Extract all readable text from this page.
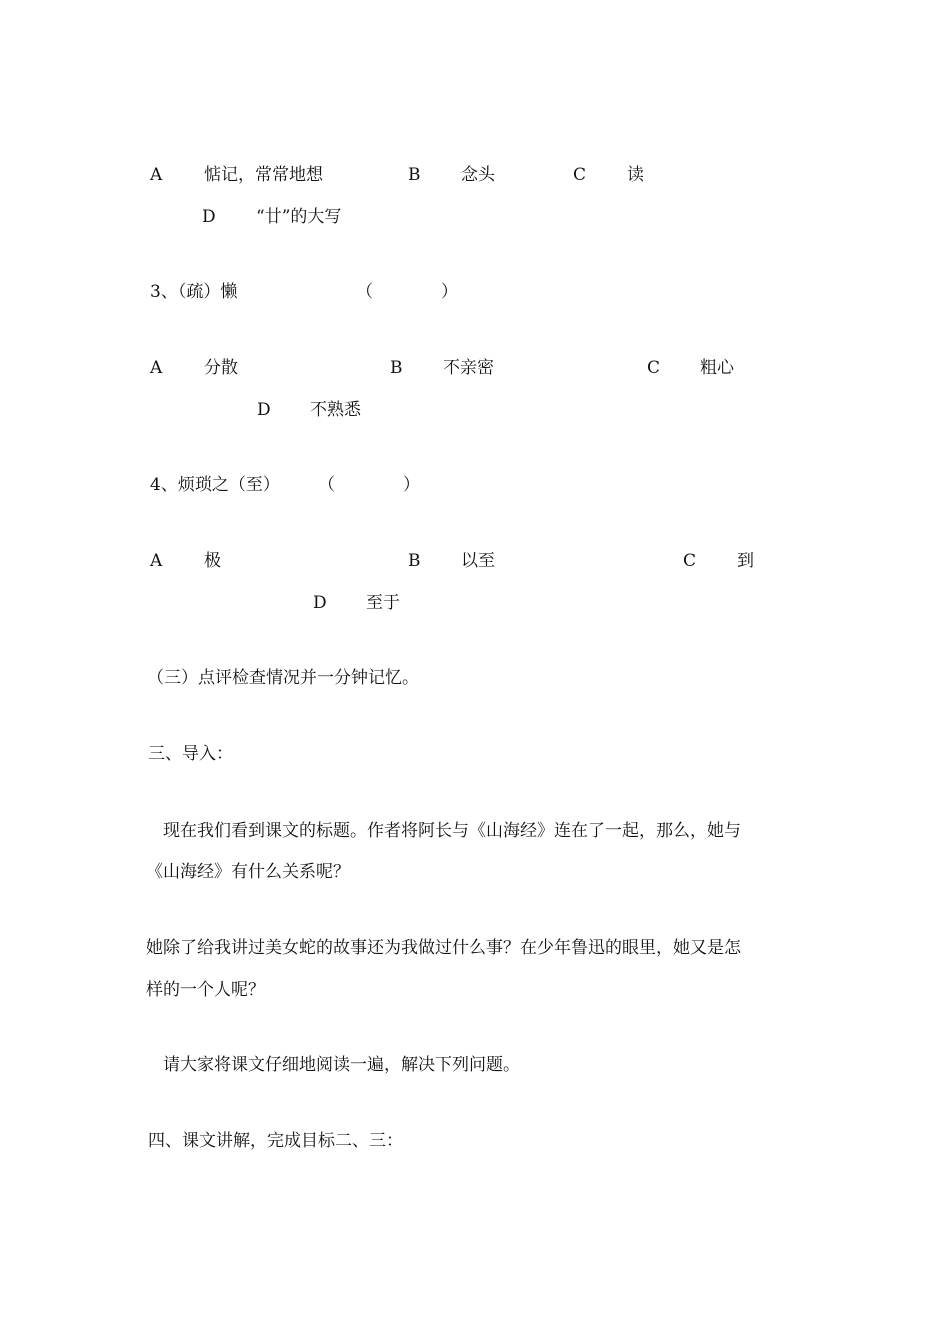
A 惦记，常常地想	B 念头	C 读
D “廿”的大写
3、（疏）懒	（　　　　）
A 分散	B 不亲密	C 粗心
D 不熟悉
4、烦琐之（至） （　　　　）
A 极	B 以至	C 到
D 至于
（三）点评检查情况并一分钟记忆。
三、导入：
现在我们看到课文的标题。作者将阿长与《山海经》连在了一起，那么，她与
《山海经》有什么关系呢？
她除了给我讲过美女蛇的故事还为我做过什么事？在少年鲁迅的眼里，她又是怎
样的一个人呢？
请大家将课文仔细地阅读一遍，解决下列问题。
四、课文讲解，完成目标二、三：
